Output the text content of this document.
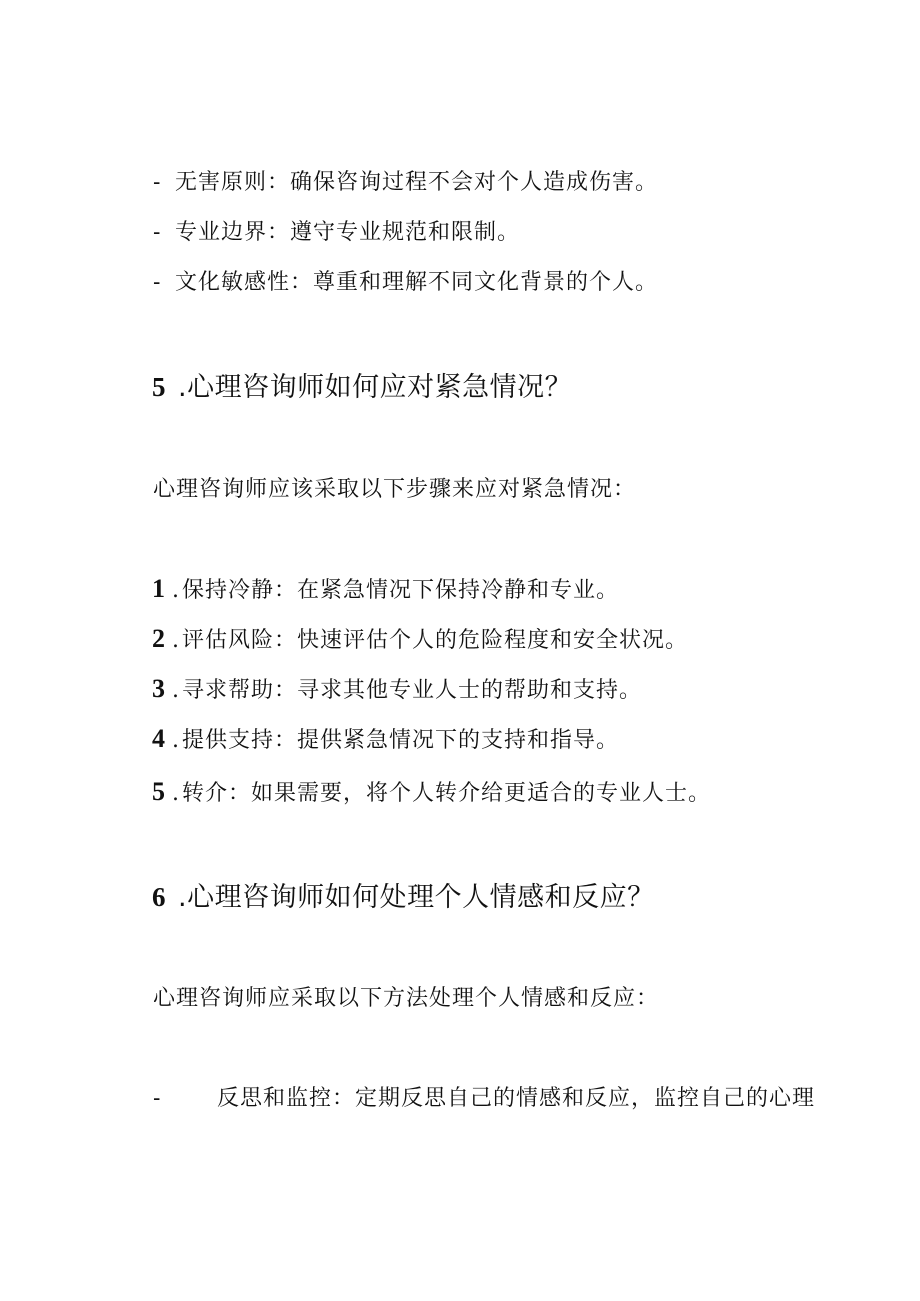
- 无害原则：确保咨询过程不会对个人造成伤害。
- 专业边界：遵守专业规范和限制。
- 文化敏感性：尊重和理解不同文化背景的个人。
5 .心理咨询师如何应对紧急情况？
心理咨询师应该采取以下步骤来应对紧急情况：
1 .保持冷静：在紧急情况下保持冷静和专业。
2 .评估风险：快速评估个人的危险程度和安全状况。
3 .寻求帮助：寻求其他专业人士的帮助和支持。
4 .提供支持：提供紧急情况下的支持和指导。
5 .转介：如果需要，将个人转介给更适合的专业人士。
6 .心理咨询师如何处理个人情感和反应？
心理咨询师应采取以下方法处理个人情感和反应：
-	反思和监控：定期反思自己的情感和反应，监控自己的心理
